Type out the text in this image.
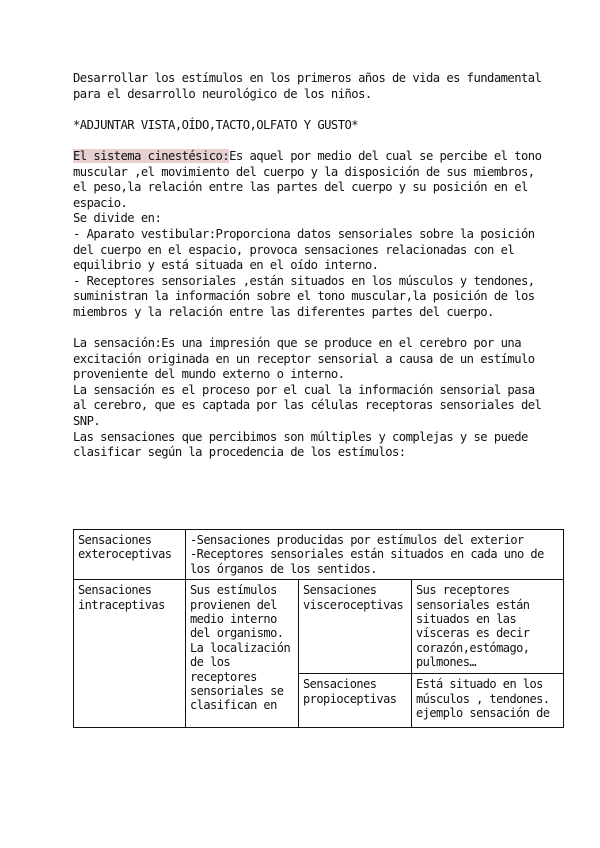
Desarrollar los estímulos en los primeros años de vida es fundamental para el desarrollo neurológico de los niños.

*ADJUNTAR VISTA,OÍDO,TACTO,OLFATO Y GUSTO*

El sistema cinestésico:Es aquel por medio del cual se percibe el tono muscular ,el movimiento del cuerpo y la disposición de sus miembros, el peso,la relación entre las partes del cuerpo y su posición en el espacio.

Se divide en:

- Aparato vestibular:Proporciona datos sensoriales sobre la posición del cuerpo en el espacio, provoca sensaciones relacionadas con el equilibrio y está situada en el oído interno.

- Receptores sensoriales ,están situados en los músculos y tendones, suministran la información sobre el tono muscular,la posición de los miembros y la relación entre las diferentes partes del cuerpo.

La sensación:Es una impresión que se produce en el cerebro por una excitación originada en un receptor sensorial a causa de un estímulo proveniente del mundo externo o interno.

La sensación es el proceso por el cual la información sensorial pasa al cerebro, que es captada por las células receptoras sensoriales del SNP.

Las sensaciones que percibimos son múltiples y complejas y se puede clasificar según la procedencia de los estímulos:

Sensaciones exteroceptivas	-Sensaciones producidas por estímulos del exterior
-Receptores sensoriales están situados en cada uno de los órganos de los sentidos.		

Sensaciones intraceptivas	Sus estímulos provienen del medio interno del organismo. La localización de los receptores sensoriales se clasifican en	Sensaciones visceroceptivas	Sus receptores sensoriales están situados en las vísceras es decir corazón,estómago, pulmones…
		Sensaciones propioceptivas	Está situado en los músculos , tendones. ejemplo sensación de
